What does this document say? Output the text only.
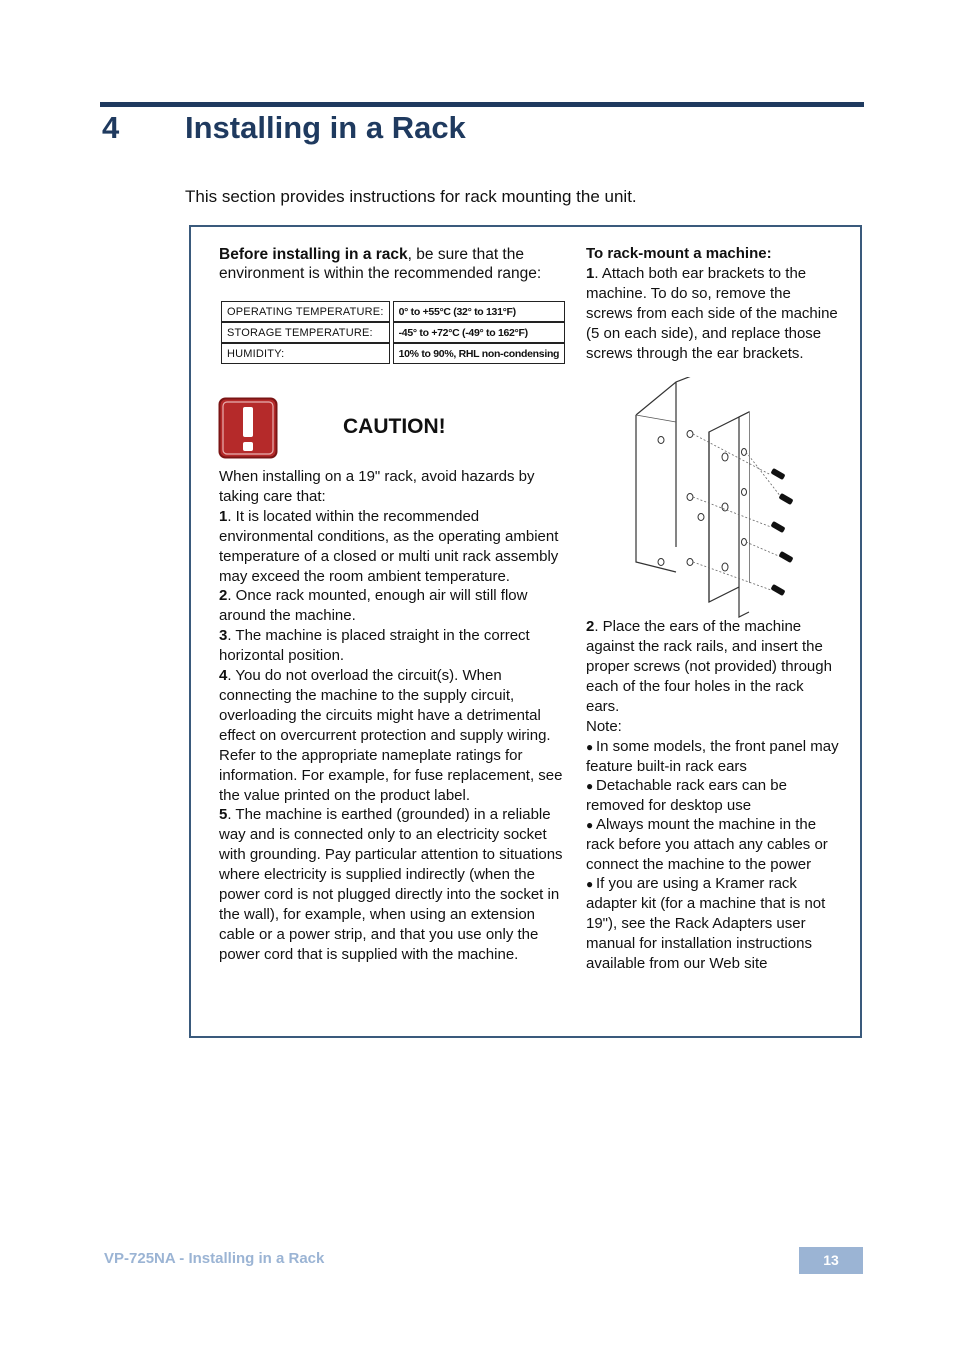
4 Installing in a Rack
This section provides instructions for rack mounting the unit.
Before installing in a rack, be sure that the environment is within the recommended range:
OPERATING TEMPERATURE:	0° to +55°C (32° to 131°F)
STORAGE TEMPERATURE:	-45° to +72°C (-49° to 162°F)
HUMIDITY:	10% to 90%, RHL non-condensing
CAUTION!

When installing on a 19" rack, avoid hazards by taking care that:

1. It is located within the recommended environmental conditions, as the operating ambient temperature of a closed or multi unit rack assembly may exceed the room ambient temperature.

2. Once rack mounted, enough air will still flow around the machine.

3. The machine is placed straight in the correct horizontal position.

4. You do not overload the circuit(s). When connecting the machine to the supply circuit, overloading the circuits might have a detrimental effect on overcurrent protection and supply wiring. Refer to the appropriate nameplate ratings for information. For example, for fuse replacement, see the value printed on the product label.

5. The machine is earthed (grounded) in a reliable way and is connected only to an electricity socket with grounding. Pay particular attention to situations where electricity is supplied indirectly (when the power cord is not plugged directly into the socket in the wall), for example, when using an extension cable or a power strip, and that you use only the power cord that is supplied with the machine.

To rack-mount a machine:

1. Attach both ear brackets to the machine. To do so, remove the screws from each side of the machine (5 on each side), and replace those screws through the ear brackets.

2. Place the ears of the machine against the rack rails, and insert the proper screws (not provided) through each of the four holes in the rack ears.

Note:

● In some models, the front panel may feature built-in rack ears
● Detachable rack ears can be removed for desktop use
● Always mount the machine in the rack before you attach any cables or connect the machine to the power
● If you are using a Kramer rack adapter kit (for a machine that is not 19"), see the Rack Adapters user manual for installation instructions available from our Web site
VP-725NA - Installing in a Rack	13
